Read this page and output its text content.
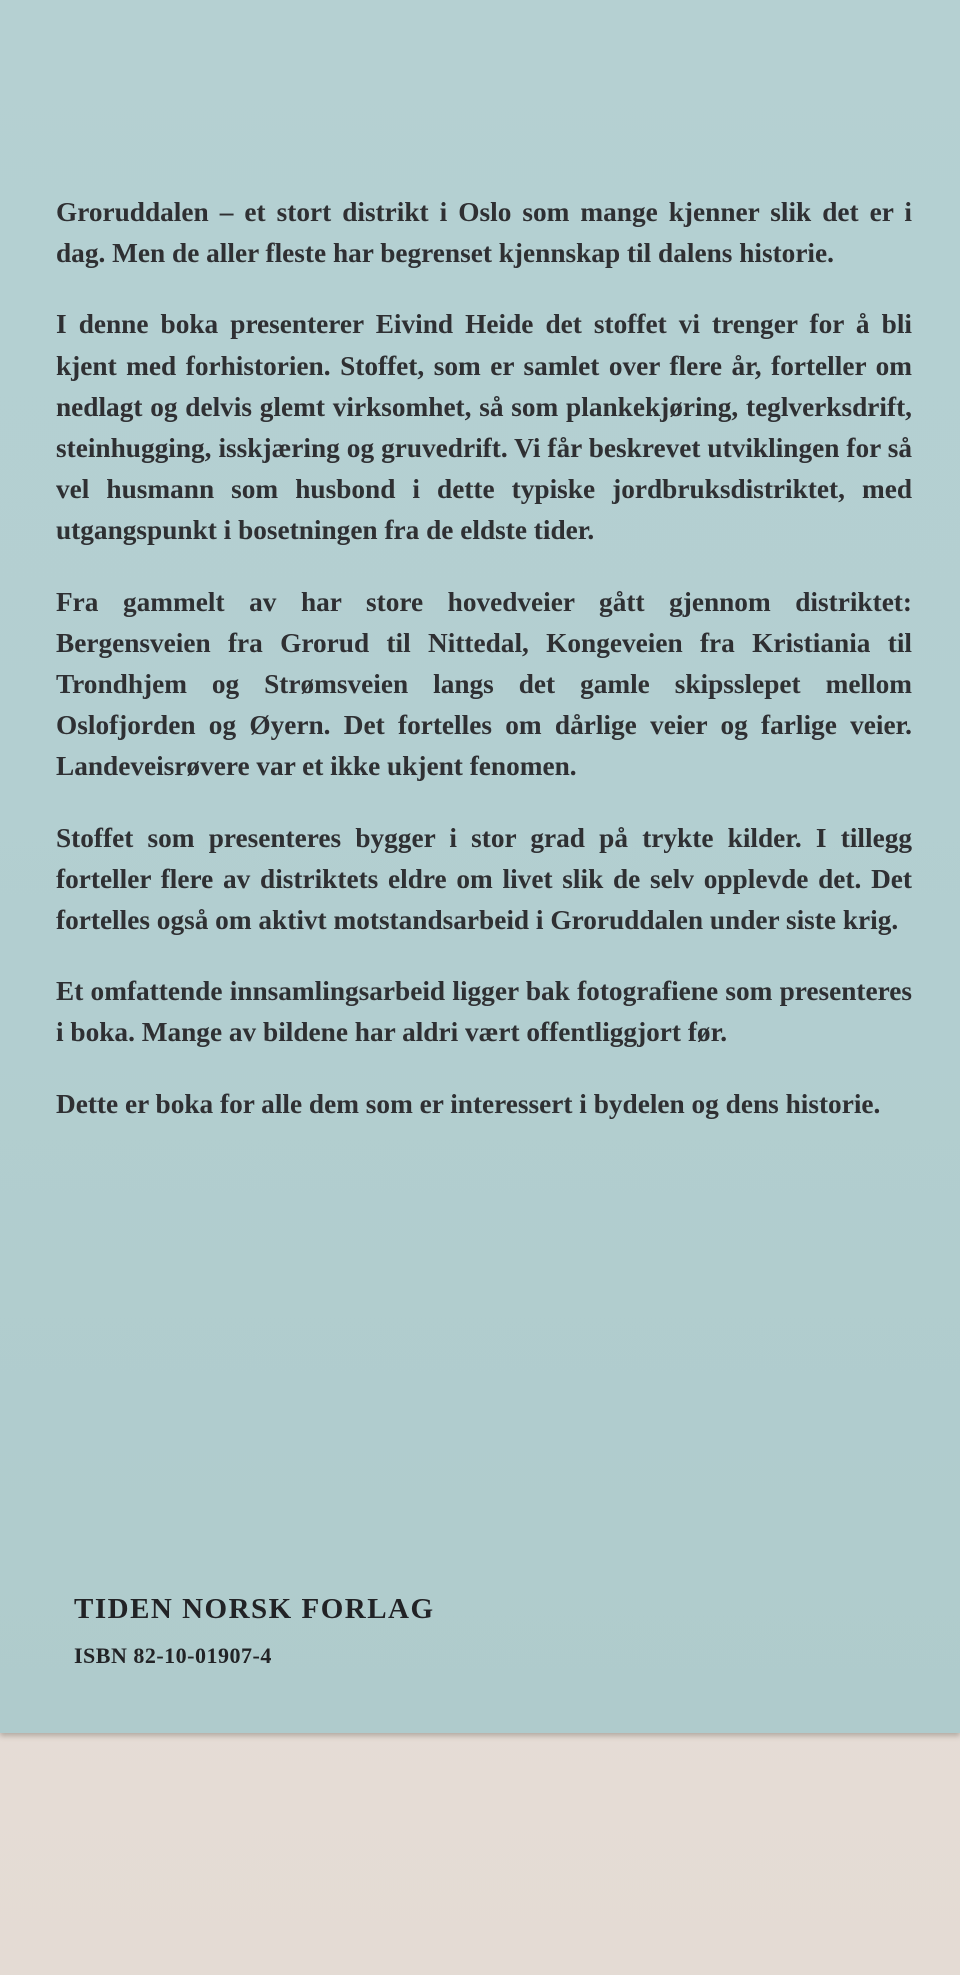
Groruddalen – et stort distrikt i Oslo som mange kjenner slik det er i dag. Men de aller fleste har begrenset kjennskap til dalens historie.

I denne boka presenterer Eivind Heide det stoffet vi trenger for å bli kjent med forhistorien. Stoffet, som er samlet over flere år, forteller om nedlagt og delvis glemt virksomhet, så som plankekjøring, teglverksdrift, steinhugging, isskjæring og gruvedrift. Vi får beskrevet utviklingen for så vel husmann som husbond i dette typiske jordbruksdistriktet, med utgangspunkt i bosetningen fra de eldste tider.

Fra gammelt av har store hovedveier gått gjennom distriktet: Bergensveien fra Grorud til Nittedal, Kongeveien fra Kristiania til Trondhjem og Strømsveien langs det gamle skipsslepet mellom Oslofjorden og Øyern. Det fortelles om dårlige veier og farlige veier. Landeveisrøvere var et ikke ukjent fenomen.

Stoffet som presenteres bygger i stor grad på trykte kilder. I tillegg forteller flere av distriktets eldre om livet slik de selv opplevde det. Det fortelles også om aktivt motstandsarbeid i Groruddalen under siste krig.

Et omfattende innsamlingsarbeid ligger bak fotografiene som presenteres i boka. Mange av bildene har aldri vært offentliggjort før.

Dette er boka for alle dem som er interessert i bydelen og dens historie.

TIDEN NORSK FORLAG
ISBN 82-10-01907-4
